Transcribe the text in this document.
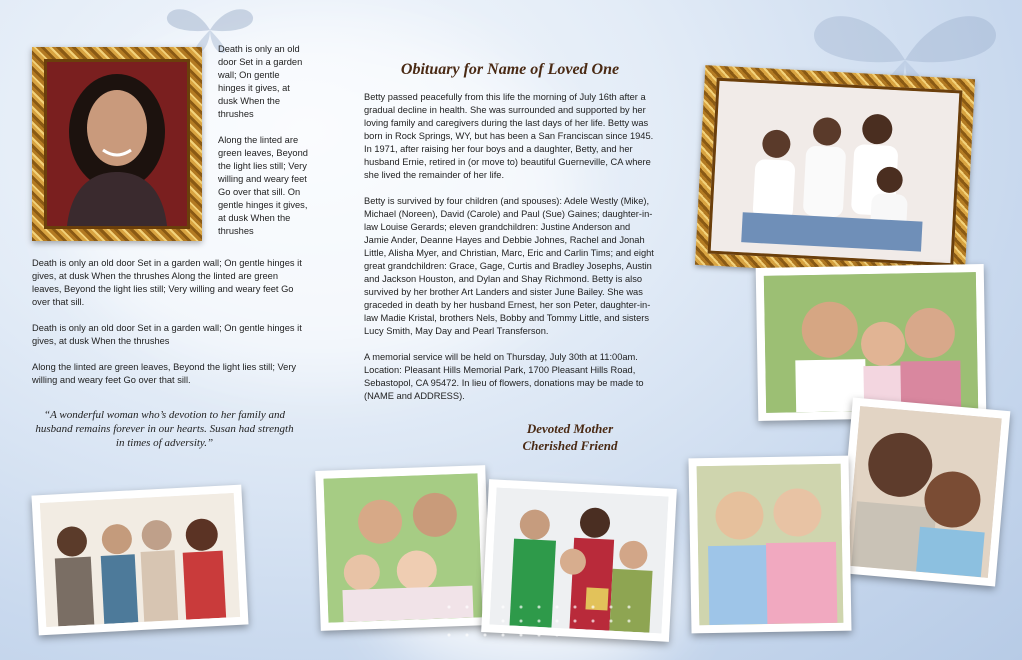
Death is only an old door Set in a garden wall; On gentle hinges it gives, at dusk When the thrushes

Along the linted are green leaves, Beyond the light lies still; Very willing and weary feet Go over that sill. On gentle hinges it gives, at dusk When the thrushes

Death is only an old door Set in a garden wall; On gentle hinges it gives, at dusk When the thrushes Along the linted are green leaves, Beyond the light lies still; Very willing and weary feet Go over that sill.

Death is only an old door Set in a garden wall; On gentle hinges it gives, at dusk When the thrushes

Along the linted are green leaves, Beyond the light lies still; Very willing and weary feet Go over that sill.

“A wonderful woman who’s devotion to her family and husband remains forever in our hearts. Susan had strength in times of adversity.”
Obituary for Name of Loved One

Betty passed peacefully from this life the morning of July 16th after a gradual decline in health. She was surrounded and supported by her loving family and caregivers during the last days of her life. Betty was born in Rock Springs, WY, but has been a San Franciscan since 1945. In 1971, after raising her four boys and a daughter, Betty, and her husband Ernie, retired in (or move to) beautiful Guerneville, CA where she lived the remainder of her life.

Betty is survived by four children (and spouses): Adele Westly (Mike), Michael (Noreen), David (Carole) and Paul (Sue) Gaines; daughter-in-law Louise Gerards; eleven grandchildren: Justine Anderson and Jamie Ander, Deanne Hayes and Debbie Johnes, Rachel and Jonah Little, Alisha Myer, and Christian, Marc, Eric and Carlin Tims; and eight great grandchildren: Grace, Gage, Curtis and Bradley Josephs, Austin and Jackson Houston, and Dylan and Shay Richmond. Betty is also survived by her brother Art Landers and sister June Bailey. She was graceded in death by her husband Ernest, her son Peter, daughter-in-law Madie Kristal, brothers Nels, Bobby and Tommy Little, and sisters Lucy Smith, May Day and Pearl Transferson.

A memorial service will be held on Thursday, July 30th at 11:00am. Location: Pleasant Hills Memorial Park, 1700 Pleasant Hills Road, Sebastopol, CA 95472. In lieu of flowers, donations may be made to (NAME and ADDRESS).

Devoted Mother
Cherished Friend
